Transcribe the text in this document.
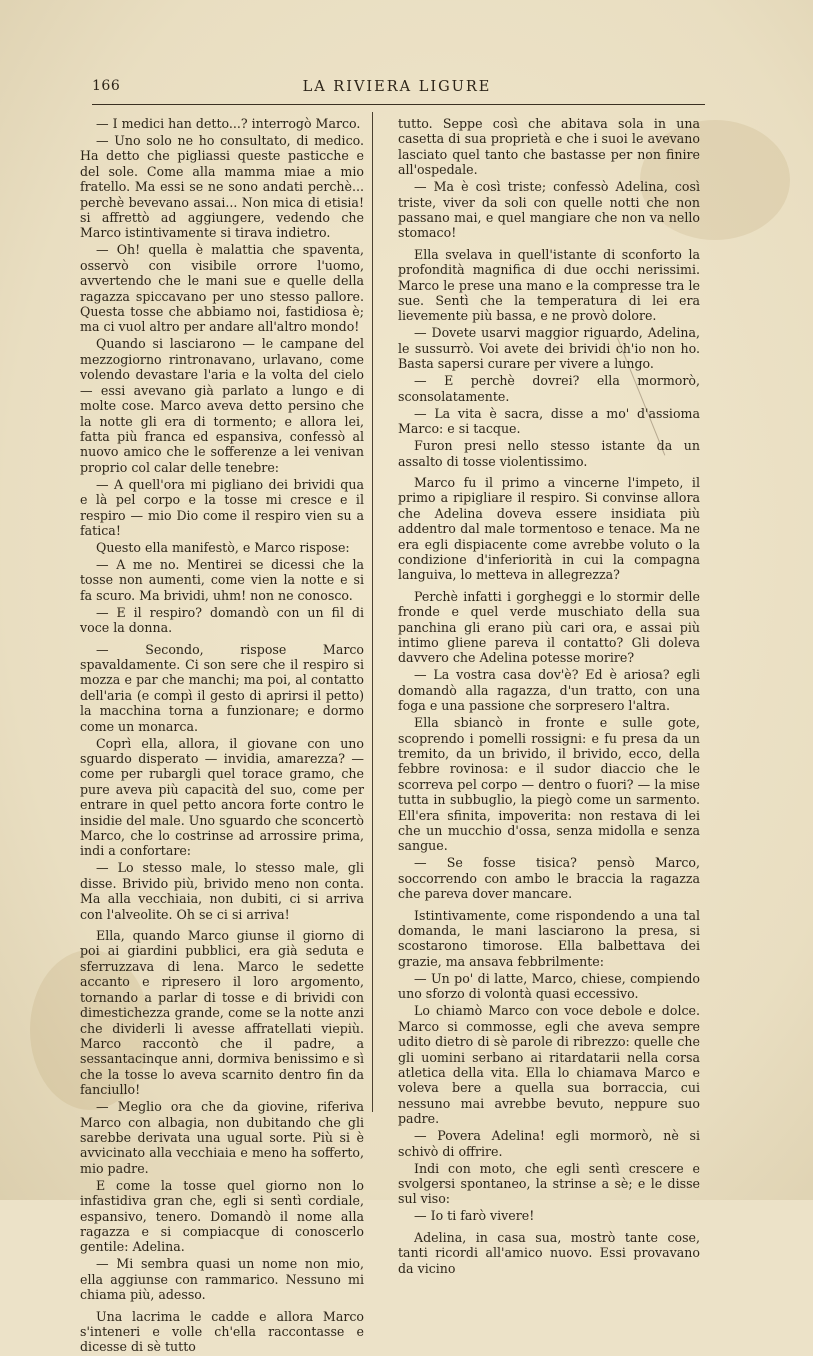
166	LA RIVIERA LIGURE

— I medici han detto...? interrogò Marco.

— Uno solo ne ho consultato, di medico. Ha detto che pigliassi queste pasticche e del sole. Come alla mamma miae a mio fratello. Ma essi se ne sono andati perchè... perchè bevevano assai... Non mica di etisia! si affrettò ad aggiungere, vedendo che Marco istintivamente si tirava indietro.

— Oh! quella è malattia che spaventa, osservò con visibile orrore l'uomo, avvertendo che le mani sue e quelle della ragazza spiccavano per uno stesso pallore. Questa tosse che abbiamo noi, fastidiosa è; ma ci vuol altro per andare all'altro mondo!

Quando si lasciarono — le campane del mezzogiorno rintronavano, urlavano, come volendo devastare l'aria e la volta del cielo — essi avevano già parlato a lungo e di molte cose. Marco aveva detto persino che la notte gli era di tormento; e allora lei, fatta più franca ed espansiva, confessò al nuovo amico che le sofferenze a lei venivan proprio col calar delle tenebre:

— A quell'ora mi pigliano dei brividi qua e là pel corpo e la tosse mi cresce e il respiro — mio Dio come il respiro vien su a fatica!

Questo ella manifestò, e Marco rispose:

— A me no. Mentirei se dicessi che la tosse non aumenti, come vien la notte e si fa scuro. Ma brividi, uhm! non ne conosco.

— E il respiro? domandò con un fil di voce la donna.

— Secondo, rispose Marco spavaldamente. Ci son sere che il respiro si mozza e par che manchi; ma poi, al contatto dell'aria (e compì il gesto di aprirsi il petto) la macchina torna a funzionare; e dormo come un monarca.

Coprì ella, allora, il giovane con uno sguardo disperato — invidia, amarezza? — come per rubargli quel torace gramo, che pure aveva più capacità del suo, come per entrare in quel petto ancora forte contro le insidie del male. Uno sguardo che sconcertò Marco, che lo costrinse ad arrossire prima, indi a confortare:

— Lo stesso male, lo stesso male, gli disse. Brivido più, brivido meno non conta. Ma alla vecchiaia, non dubiti, ci si arriva con l'alveolite. Oh se ci si arriva!

Ella, quando Marco giunse il giorno di poi ai giardini pubblici, era già seduta e sferruzzava di lena. Marco le sedette accanto e ripresero il loro argomento, tornando a parlar di tosse e di brividi con dimestichezza grande, come se la notte anzi che dividerli li avesse affratellati viepiù. Marco raccontò che il padre, a sessantacinque anni, dormiva benissimo e sì che la tosse lo aveva scarnito dentro fin da fanciullo!

— Meglio ora che da giovine, riferiva Marco con albagia, non dubitando che gli sarebbe derivata una ugual sorte. Più si è avvicinato alla vecchiaia e meno ha sofferto, mio padre.

E come la tosse quel giorno non lo infastidiva gran che, egli si sentì cordiale, espansivo, tenero. Domandò il nome alla ragazza e si compiacque di conoscerlo gentile: Adelina.

— Mi sembra quasi un nome non mio, ella aggiunse con rammarico. Nessuno mi chiama più, adesso.

Una lacrima le cadde e allora Marco s'inteneri e volle ch'ella raccontasse e dicesse di sè tutto

tutto. Seppe così che abitava sola in una casetta di sua proprietà e che i suoi le avevano lasciato quel tanto che bastasse per non finire all'ospedale.

— Ma è così triste; confessò Adelina, così triste, viver da soli con quelle notti che non passano mai, e quel mangiare che non va nello stomaco!

Ella svelava in quell'istante di sconforto la profondità magnifica di due occhi nerissimi. Marco le prese una mano e la compresse tra le sue. Sentì che la temperatura di lei era lievemente più bassa, e ne provò dolore.

— Dovete usarvi maggior riguardo, Adelina, le sussurrò. Voi avete dei brividi ch'io non ho. Basta sapersi curare per vivere a lungo.

— E perchè dovrei? ella mormorò, sconsolatamente.

— La vita è sacra, disse a mo' d'assioma Marco: e si tacque.

Furon presi nello stesso istante da un assalto di tosse violentissimo.

Marco fu il primo a vincerne l'impeto, il primo a ripigliare il respiro. Si convinse allora che Adelina doveva essere insidiata più addentro dal male tormentoso e tenace. Ma ne era egli dispiacente come avrebbe voluto o la condizione d'inferiorità in cui la compagna languiva, lo metteva in allegrezza?

Perchè infatti i gorgheggi e lo stormir delle fronde e quel verde muschiato della sua panchina gli erano più cari ora, e assai più intimo gliene pareva il contatto? Gli doleva davvero che Adelina potesse morire?

— La vostra casa dov'è? Ed è ariosa? egli domandò alla ragazza, d'un tratto, con una foga e una passione che sorpresero l'altra.

Ella sbiancò in fronte e sulle gote, scoprendo i pomelli rossigni: e fu presa da un tremito, da un brivido, il brivido, ecco, della febbre rovinosa: e il sudor diaccio che le scorreva pel corpo — dentro o fuori? — la mise tutta in subbuglio, la piegò come un sarmento. Ell'era sfinita, impoverita: non restava di lei che un mucchio d'ossa, senza midolla e senza sangue.

— Se fosse tisica? pensò Marco, soccorrendo con ambo le braccia la ragazza che pareva dover mancare.

Istintivamente, come rispondendo a una tal domanda, le mani lasciarono la presa, si scostarono timorose. Ella balbettava dei grazie, ma ansava febbrilmente:

— Un po' di latte, Marco, chiese, compiendo uno sforzo di volontà quasi eccessivo.

Lo chiamò Marco con voce debole e dolce. Marco si commosse, egli che aveva sempre udito dietro di sè parole di ribrezzo: quelle che gli uomini serbano ai ritardatarii nella corsa atletica della vita. Ella lo chiamava Marco e voleva bere a quella sua borraccia, cui nessuno mai avrebbe bevuto, neppure suo padre.

— Povera Adelina! egli mormorò, nè si schivò di offrire.

Indi con moto, che egli sentì crescere e svolgersi spontaneo, la strinse a sè; e le disse sul viso:

— Io ti farò vivere!

Adelina, in casa sua, mostrò tante cose, tanti ricordi all'amico nuovo. Essi provavano da vicino
